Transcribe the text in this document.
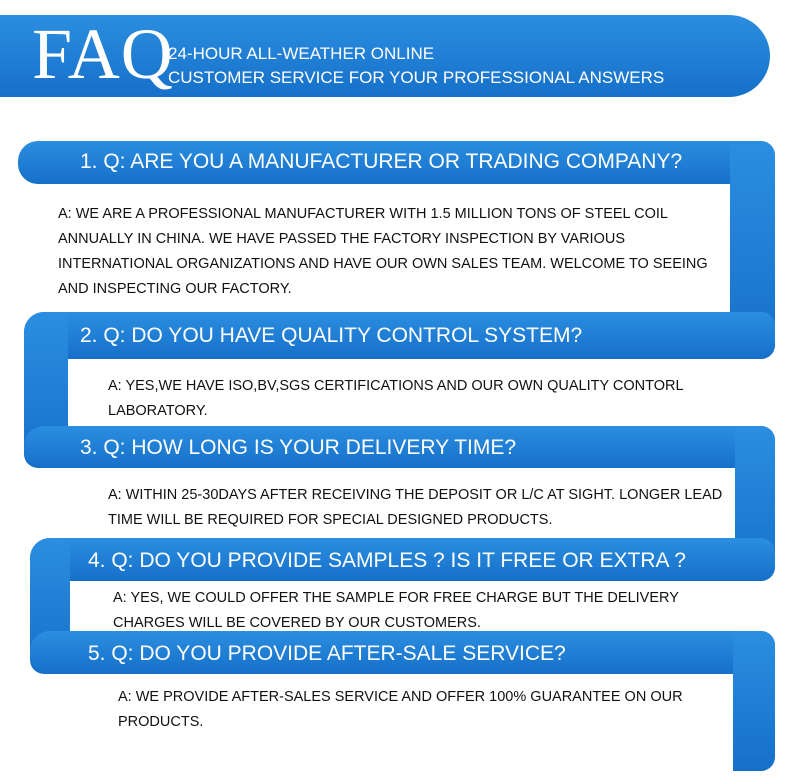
FAQ
24-HOUR ALL-WEATHER ONLINE
CUSTOMER SERVICE FOR YOUR PROFESSIONAL ANSWERS
1. Q: ARE YOU A MANUFACTURER OR TRADING COMPANY?
2. Q: DO YOU HAVE QUALITY CONTROL SYSTEM?
3. Q: HOW LONG IS YOUR DELIVERY TIME?
4. Q: DO YOU PROVIDE SAMPLES ? IS IT FREE OR EXTRA ?
5. Q: DO YOU PROVIDE AFTER-SALE SERVICE?
A: WE ARE A PROFESSIONAL MANUFACTURER WITH 1.5 MILLION TONS OF STEEL COIL ANNUALLY IN CHINA. WE HAVE PASSED THE FACTORY INSPECTION BY VARIOUS INTERNATIONAL ORGANIZATIONS AND HAVE OUR OWN SALES TEAM. WELCOME TO SEEING AND INSPECTING OUR FACTORY.
A: YES,WE HAVE ISO,BV,SGS CERTIFICATIONS AND OUR OWN QUALITY CONTORL LABORATORY.
A: WITHIN 25-30DAYS AFTER RECEIVING THE DEPOSIT OR L/C AT SIGHT. LONGER LEAD TIME WILL BE REQUIRED FOR SPECIAL DESIGNED PRODUCTS.
A: YES, WE COULD OFFER THE SAMPLE FOR FREE CHARGE BUT THE DELIVERY CHARGES WILL BE COVERED BY OUR CUSTOMERS.
A: WE PROVIDE AFTER-SALES SERVICE AND OFFER 100% GUARANTEE ON OUR PRODUCTS.
